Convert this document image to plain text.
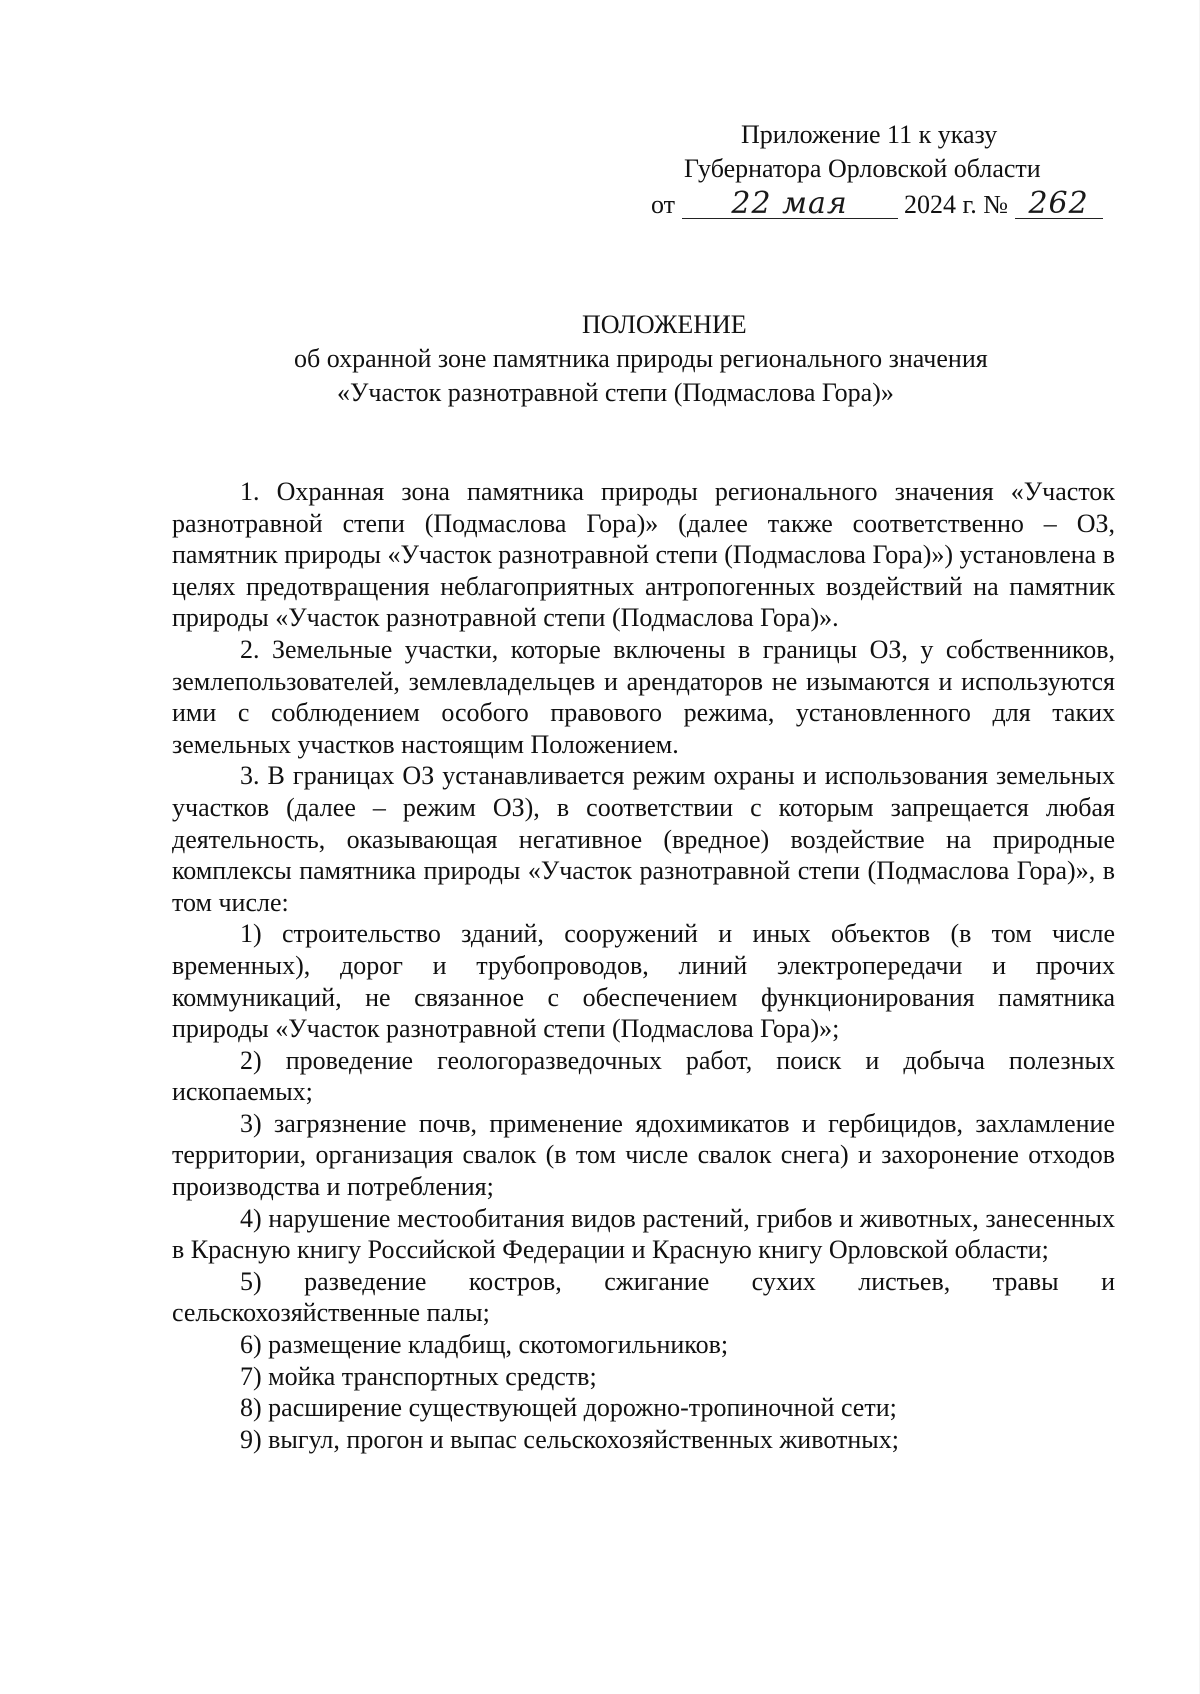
Приложение 11 к указу
Губернатора Орловской области
от 22 мая 2024 г. № 262
ПОЛОЖЕНИЕ
об охранной зоне памятника природы регионального значения
«Участок разнотравной степи (Подмаслова Гора)»

1. Охранная зона памятника природы регионального значения «Участок разнотравной степи (Подмаслова Гора)» (далее также соответственно – ОЗ, памятник природы «Участок разнотравной степи (Подмаслова Гора)») установлена в целях предотвращения неблагоприятных антропогенных воздействий на памятник природы «Участок разнотравной степи (Подмаслова Гора)».

2. Земельные участки, которые включены в границы ОЗ, у собственников, землепользователей, землевладельцев и арендаторов не изымаются и используются ими с соблюдением особого правового режима, установленного для таких земельных участков настоящим Положением.

3. В границах ОЗ устанавливается режим охраны и использования земельных участков (далее – режим ОЗ), в соответствии с которым запрещается любая деятельность, оказывающая негативное (вредное) воздействие на природные комплексы памятника природы «Участок разнотравной степи (Подмаслова Гора)», в том числе:

1) строительство зданий, сооружений и иных объектов (в том числе временных), дорог и трубопроводов, линий электропередачи и прочих коммуникаций, не связанное с обеспечением функционирования памятника природы «Участок разнотравной степи (Подмаслова Гора)»;

2) проведение геологоразведочных работ, поиск и добыча полезных ископаемых;

3) загрязнение почв, применение ядохимикатов и гербицидов, захламление территории, организация свалок (в том числе свалок снега) и захоронение отходов производства и потребления;

4) нарушение местообитания видов растений, грибов и животных, занесенных в Красную книгу Российской Федерации и Красную книгу Орловской области;

5) разведение костров, сжигание сухих листьев, травы и сельскохозяйственные палы;

6) размещение кладбищ, скотомогильников;

7) мойка транспортных средств;

8) расширение существующей дорожно-тропиночной сети;

9) выгул, прогон и выпас сельскохозяйственных животных;
